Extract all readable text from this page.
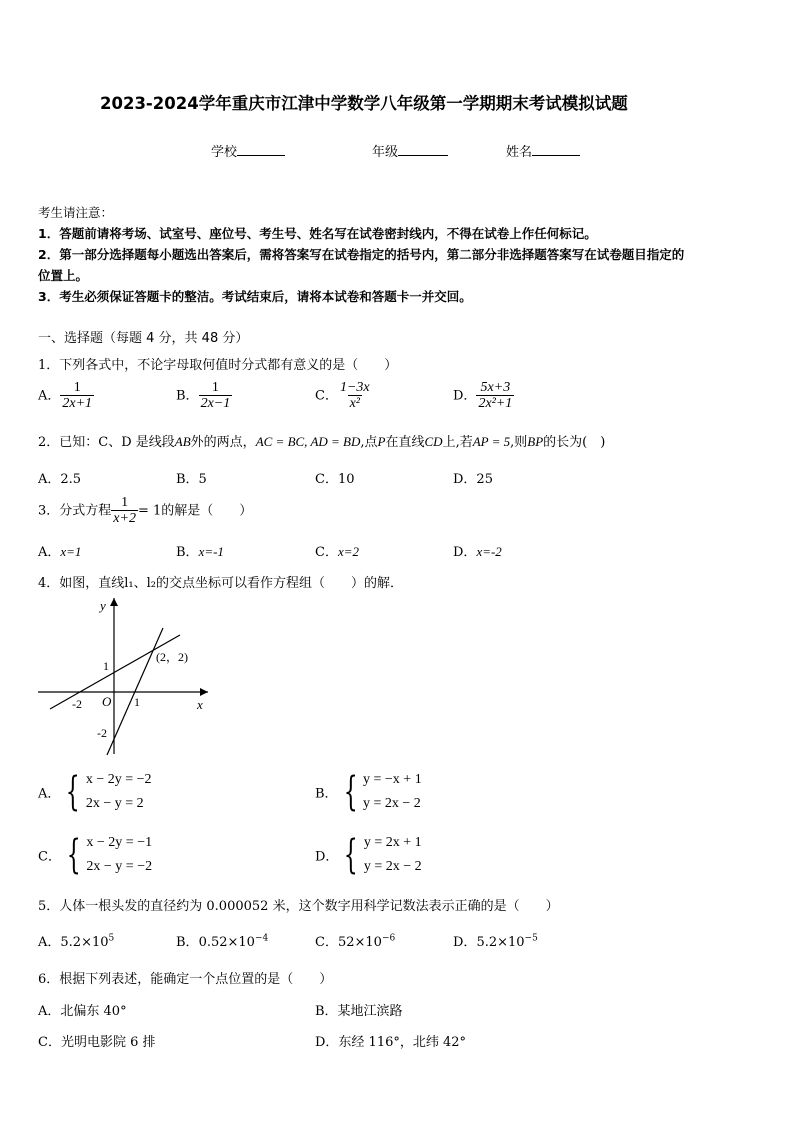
2023-2024学年重庆市江津中学数学八年级第一学期期末考试模拟试题
学校	年级	姓名
考生请注意：
1．答题前请将考场、试室号、座位号、考生号、姓名写在试卷密封线内，不得在试卷上作任何标记。
2．第一部分选择题每小题选出答案后，需将答案写在试卷指定的括号内，第二部分非选择题答案写在试卷题目指定的
位置上。
3．考生必须保证答题卡的整洁。考试结束后，请将本试卷和答题卡一并交回。
一、选择题（每题 4 分，共 48 分）
1．下列各式中，不论字母取何值时分式都有意义的是（　　）
A． $\frac{1}{2x+1}$	B． $\frac{1}{2x-1}$	C． $\frac{1-3x}{\text{x²}}$	D． $\frac{5x+3}{\text{2x²+1}}$
2．已知：C、D 是线段AB外的两点，AC = BC, AD = BD,点P在直线CD上,若AP = 5,则BP的长为(　)
A．2.5	B．5	C．10	D．25
3．分式方程 $\frac{1}{x+2} = 1$的解是（　　）
A．x=1	B．x=-1	C．x=2	D．x=-2
4．如图，直线l₁、l₂的交点坐标可以看作方程组（　　）的解．
y
x
O
1
-2	1
-2
(2，2)
A． { x − 2y = −2
2x − y = 2
B． { y = −x + 1
y = 2x − 2
C． { x − 2y = −1
2x − y = −2
D． { y = 2x + 1
y = 2x − 2
5．人体一根头发的直径约为 0.000052 米，这个数字用科学记数法表示正确的是（　　）
A．$5.2\times 10^5$	B．$0.52\times 10^{-4}$	C．$52\times 10^{-6}$	D．$5.2\times 10^{-5}$
6．根据下列表述，能确定一个点位置的是（　　）
A．北偏东 40°	B．某地江滨路
C．光明电影院 6 排	D．东经 116°，北纬 42°
